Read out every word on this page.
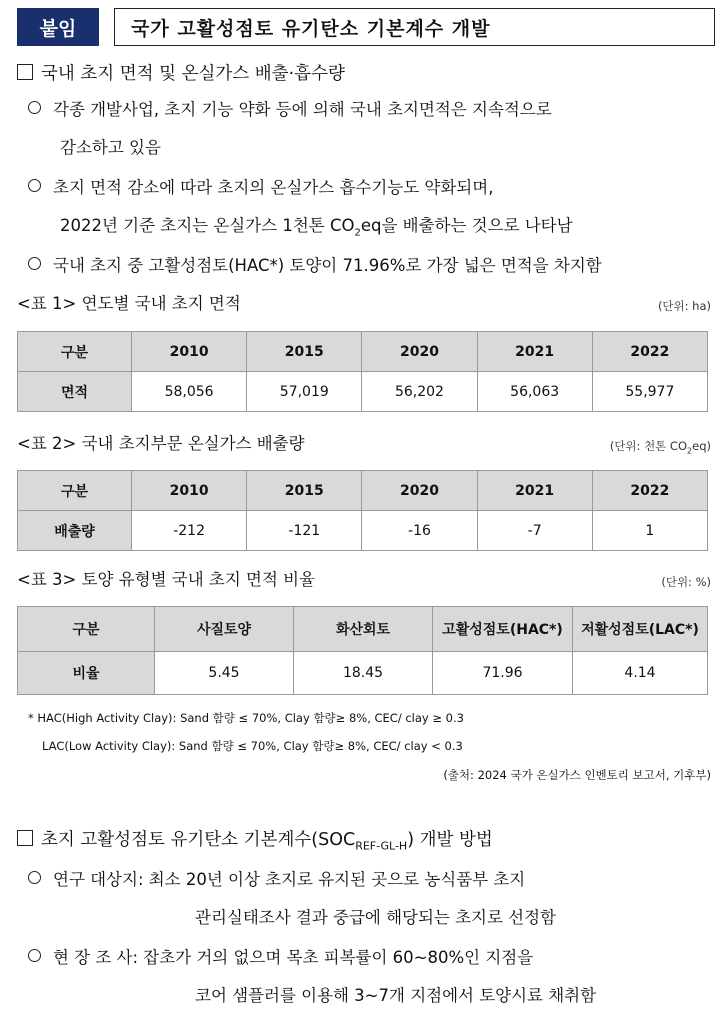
붙임	국가 고활성점토 유기탄소 기본계수 개발
국내 초지 면적 및 온실가스 배출·흡수량
각종 개발사업, 초지 기능 약화 등에 의해 국내 초지면적은 지속적으로
감소하고 있음
초지 면적 감소에 따라 초지의 온실가스 흡수기능도 약화되며,
2022년 기준 초지는 온실가스 1천톤 $CO_2eq$을 배출하는 것으로 나타남
국내 초지 중 고활성점토(HAC*) 토양이 71.96%로 가장 넓은 면적을 차지함
<표 1> 연도별 국내 초지 면적	(단위: ha)
구분	2010	2015	2020	2021	2022
면적	58,056	57,019	56,202	56,063	55,977
<표 2> 국내 초지부문 온실가스 배출량	(단위: 천톤 $CO_2eq$)
구분	2010	2015	2020	2021	2022
배출량	-212	-121	-16	-7	1
<표 3> 토양 유형별 국내 초지 면적 비율	(단위: %)
구분	사질토양	화산회토	고활성점토(HAC*)	저활성점토(LAC*)
비율	5.45	18.45	71.96	4.14
* HAC(High Activity Clay): Sand 함량 ≤ 70%, Clay 함량≥ 8%, CEC/ clay ≥ 0.3
LAC(Low Activity Clay): Sand 함량 ≤ 70%, Clay 함량≥ 8%, CEC/ clay < 0.3
(출처: 2024 국가 온실가스 인벤토리 보고서, 기후부)
초지 고활성점토 유기탄소 기본계수$(SOC_{REF-GL-H})$ 개발 방법
연구 대상지: 최소 20년 이상 초지로 유지된 곳으로 농식품부 초지
관리실태조사 결과 중급에 해당되는 초지로 선정함
현 장 조 사: 잡초가 거의 없으며 목초 피복률이 60~80%인 지점을
코어 샘플러를 이용해 3~7개 지점에서 토양시료 채취함
